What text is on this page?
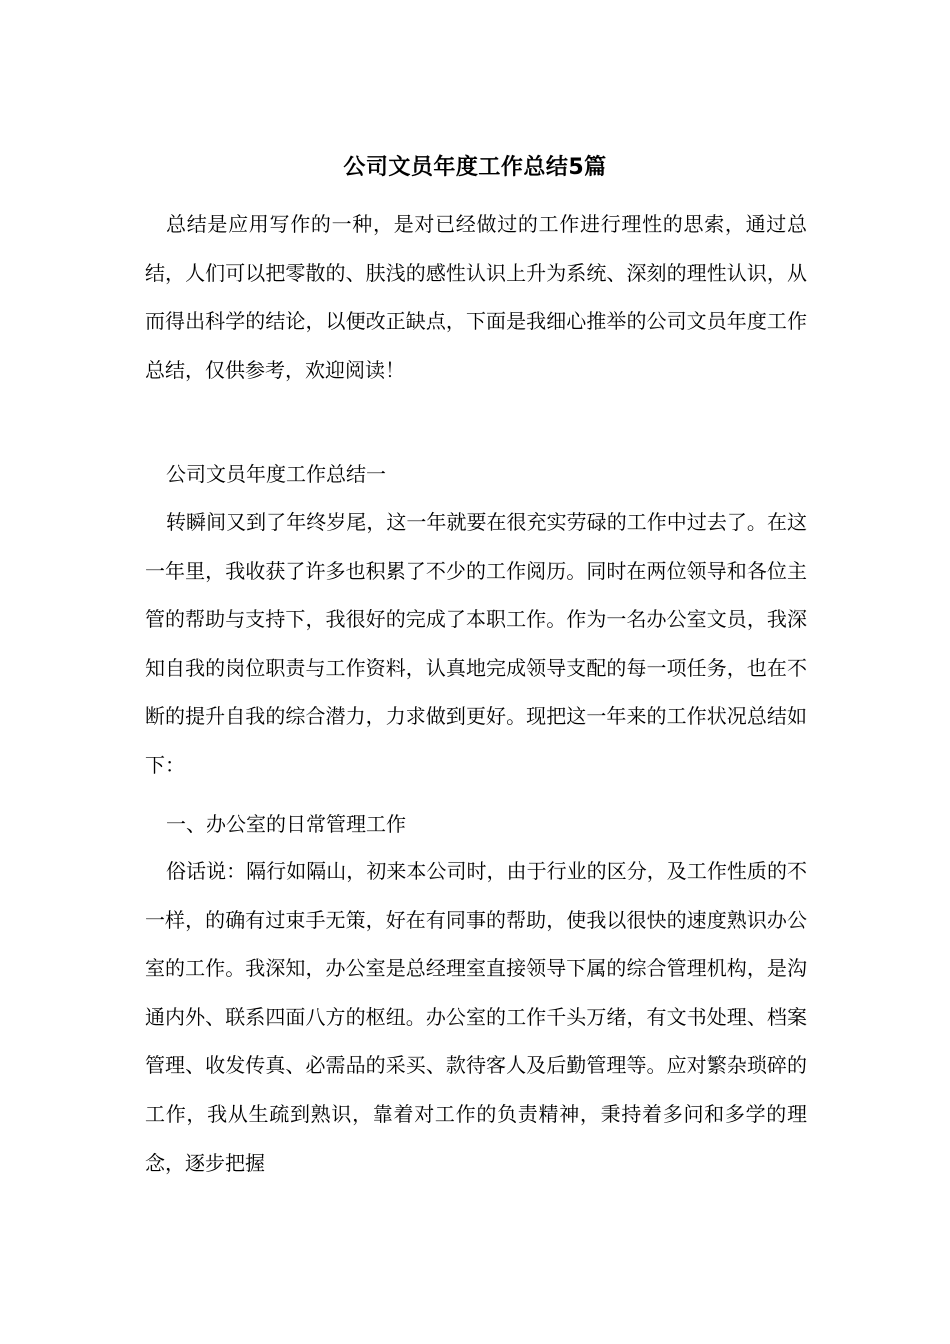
公司文员年度工作总结5篇

总结是应用写作的一种，是对已经做过的工作进行理性的思索，通过总结，人们可以把零散的、肤浅的感性认识上升为系统、深刻的理性认识，从而得出科学的结论，以便改正缺点，下面是我细心推举的公司文员年度工作总结，仅供参考，欢迎阅读！

公司文员年度工作总结一

转瞬间又到了年终岁尾，这一年就要在很充实劳碌的工作中过去了。在这一年里，我收获了许多也积累了不少的工作阅历。同时在两位领导和各位主管的帮助与支持下，我很好的完成了本职工作。作为一名办公室文员，我深知自我的岗位职责与工作资料，认真地完成领导支配的每一项任务，也在不断的提升自我的综合潜力，力求做到更好。现把这一年来的工作状况总结如下：

一、办公室的日常管理工作

俗话说：隔行如隔山，初来本公司时，由于行业的区分，及工作性质的不一样，的确有过束手无策，好在有同事的帮助，使我以很快的速度熟识办公室的工作。我深知，办公室是总经理室直接领导下属的综合管理机构，是沟通内外、联系四面八方的枢纽。办公室的工作千头万绪，有文书处理、档案管理、收发传真、必需品的采买、款待客人及后勤管理等。应对繁杂琐碎的工作，我从生疏到熟识，靠着对工作的负责精神，秉持着多问和多学的理念，逐步把握
